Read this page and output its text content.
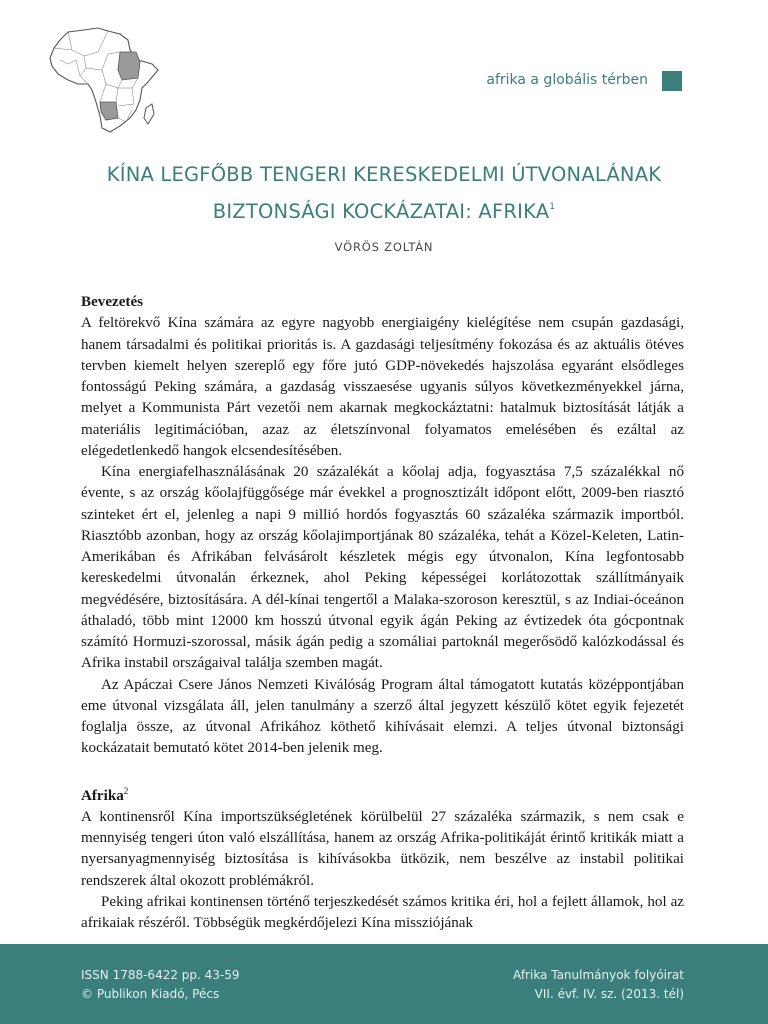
afrika a globális térben
KÍNA LEGFŐBB TENGERI KERESKEDELMI ÚTVONALÁNAK
BIZTONSÁGI KOCKÁZATAI: AFRIKA$^1$
VÖRÖS ZOLTÁN
Bevezetés

A feltörekvő Kína számára az egyre nagyobb energiaigény kielégítése nem csupán gazdasági, hanem társadalmi és politikai prioritás is. A gazdasági teljesítmény fokozása és az aktuális ötéves tervben kiemelt helyen szereplő egy főre jutó GDP-növekedés hajszolása egyaránt elsődleges fontosságú Peking számára, a gazdaság visszaesése ugyanis súlyos következményekkel járna, melyet a Kommunista Párt vezetői nem akarnak megkockáztatni: hatalmuk biztosítását látják a materiális legitimációban, azaz az életszínvonal folyamatos emelésében és ezáltal az elégedetlenkedő hangok elcsendesítésében.

Kína energiafelhasználásának 20 százalékát a kőolaj adja, fogyasztása 7,5 százalékkal nő évente, s az ország kőolajfüggősége már évekkel a prognosztizált időpont előtt, 2009-ben riasztó szinteket ért el, jelenleg a napi 9 millió hordós fogyasztás 60 százaléka származik importból. Riasztóbb azonban, hogy az ország kőolajimportjának 80 százaléka, tehát a Közel-Keleten, Latin-Amerikában és Afrikában felvásárolt készletek mégis egy útvonalon, Kína legfontosabb kereskedelmi útvonalán érkeznek, ahol Peking képességei korlátozottak szállítmányaik megvédésére, biztosítására. A dél-kínai tengertől a Malaka-szoroson keresztül, s az Indiai-óceánon áthaladó, több mint 12000 km hosszú útvonal egyik ágán Peking az évtizedek óta gócpontnak számító Hormuzi-szorossal, másik ágán pedig a szomáliai partoknál megerősödő kalózkodással és Afrika instabil országaival találja szemben magát.

Az Apáczai Csere János Nemzeti Kiválóság Program által támogatott kutatás középpontjában eme útvonal vizsgálata áll, jelen tanulmány a szerző által jegyzett készülő kötet egyik fejezetét foglalja össze, az útvonal Afrikához köthető kihívásait elemzi. A teljes útvonal biztonsági kockázatait bemutató kötet 2014-ben jelenik meg.

Afrika$^2$

A kontinensről Kína importszükségletének körülbelül 27 százaléka származik, s nem csak e mennyiség tengeri úton való elszállítása, hanem az ország Afrika-politikáját érintő kritikák miatt a nyersanyagmennyiség biztosítása is kihívásokba ütközik, nem beszélve az instabil politikai rendszerek által okozott problémákról.

Peking afrikai kontinensen történő terjeszkedését számos kritika éri, hol a fejlett államok, hol az afrikaiak részéről. Többségük megkérdőjelezi Kína missziójának

ISSN 1788-6422 pp. 43-59
© Publikon Kiadó, Pécs
Afrika Tanulmányok folyóirat
VII. évf. IV. sz. (2013. tél)
